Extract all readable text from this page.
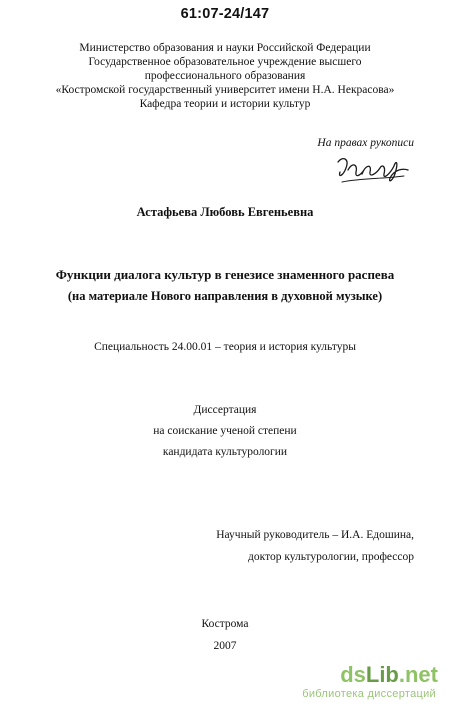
61:07-24/147
Министерство образования и науки Российской Федерации
Государственное образовательное учреждение высшего
профессионального образования
«Костромской государственный университет имени Н.А. Некрасова»
Кафедра теории и истории культур
На правах рукописи
Астафьева Любовь Евгеньевна
Функции диалога культур в генезисе знаменного распева
(на материале Нового направления в духовной музыке)
Специальность 24.00.01 – теория и история культуры
Диссертация
на соискание ученой степени
кандидата культурологии
Научный руководитель – И.А. Едошина,
доктор культурологии, профессор
Кострома
2007
dsLib.net
библиотека диссертаций
